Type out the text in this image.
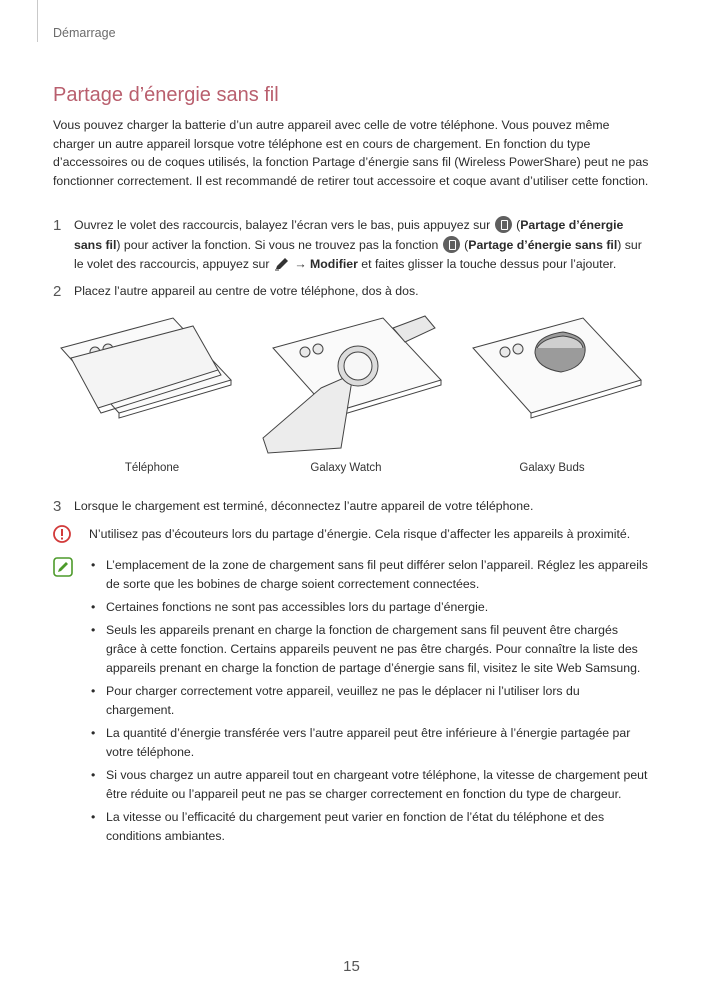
Démarrage
Partage d’énergie sans fil

Vous pouvez charger la batterie d’un autre appareil avec celle de votre téléphone. Vous pouvez même charger un autre appareil lorsque votre téléphone est en cours de chargement. En fonction du type d’accessoires ou de coques utilisés, la fonction Partage d’énergie sans fil (Wireless PowerShare) peut ne pas fonctionner correctement. Il est recommandé de retirer tout accessoire et coque avant d’utiliser cette fonction.

1 Ouvrez le volet des raccourcis, balayez l’écran vers le bas, puis appuyez sur  (Partage d’énergie sans fil) pour activer la fonction. Si vous ne trouvez pas la fonction  (Partage d’énergie sans fil) sur le volet des raccourcis, appuyez sur  → Modifier et faites glisser la touche dessus pour l’ajouter.
2 Placez l’autre appareil au centre de votre téléphone, dos à dos.
Téléphone	Galaxy Watch	Galaxy Buds
3 Lorsque le chargement est terminé, déconnectez l’autre appareil de votre téléphone.
N’utilisez pas d’écouteurs lors du partage d’énergie. Cela risque d’affecter les appareils à proximité.
• L’emplacement de la zone de chargement sans fil peut différer selon l’appareil. Réglez les appareils de sorte que les bobines de charge soient correctement connectées.
• Certaines fonctions ne sont pas accessibles lors du partage d’énergie.
• Seuls les appareils prenant en charge la fonction de chargement sans fil peuvent être chargés grâce à cette fonction. Certains appareils peuvent ne pas être chargés. Pour connaître la liste des appareils prenant en charge la fonction de partage d’énergie sans fil, visitez le site Web Samsung.
• Pour charger correctement votre appareil, veuillez ne pas le déplacer ni l’utiliser lors du chargement.
• La quantité d’énergie transférée vers l’autre appareil peut être inférieure à l’énergie partagée par votre téléphone.
• Si vous chargez un autre appareil tout en chargeant votre téléphone, la vitesse de chargement peut être réduite ou l’appareil peut ne pas se charger correctement en fonction du type de chargeur.
• La vitesse ou l’efficacité du chargement peut varier en fonction de l’état du téléphone et des conditions ambiantes.
15
